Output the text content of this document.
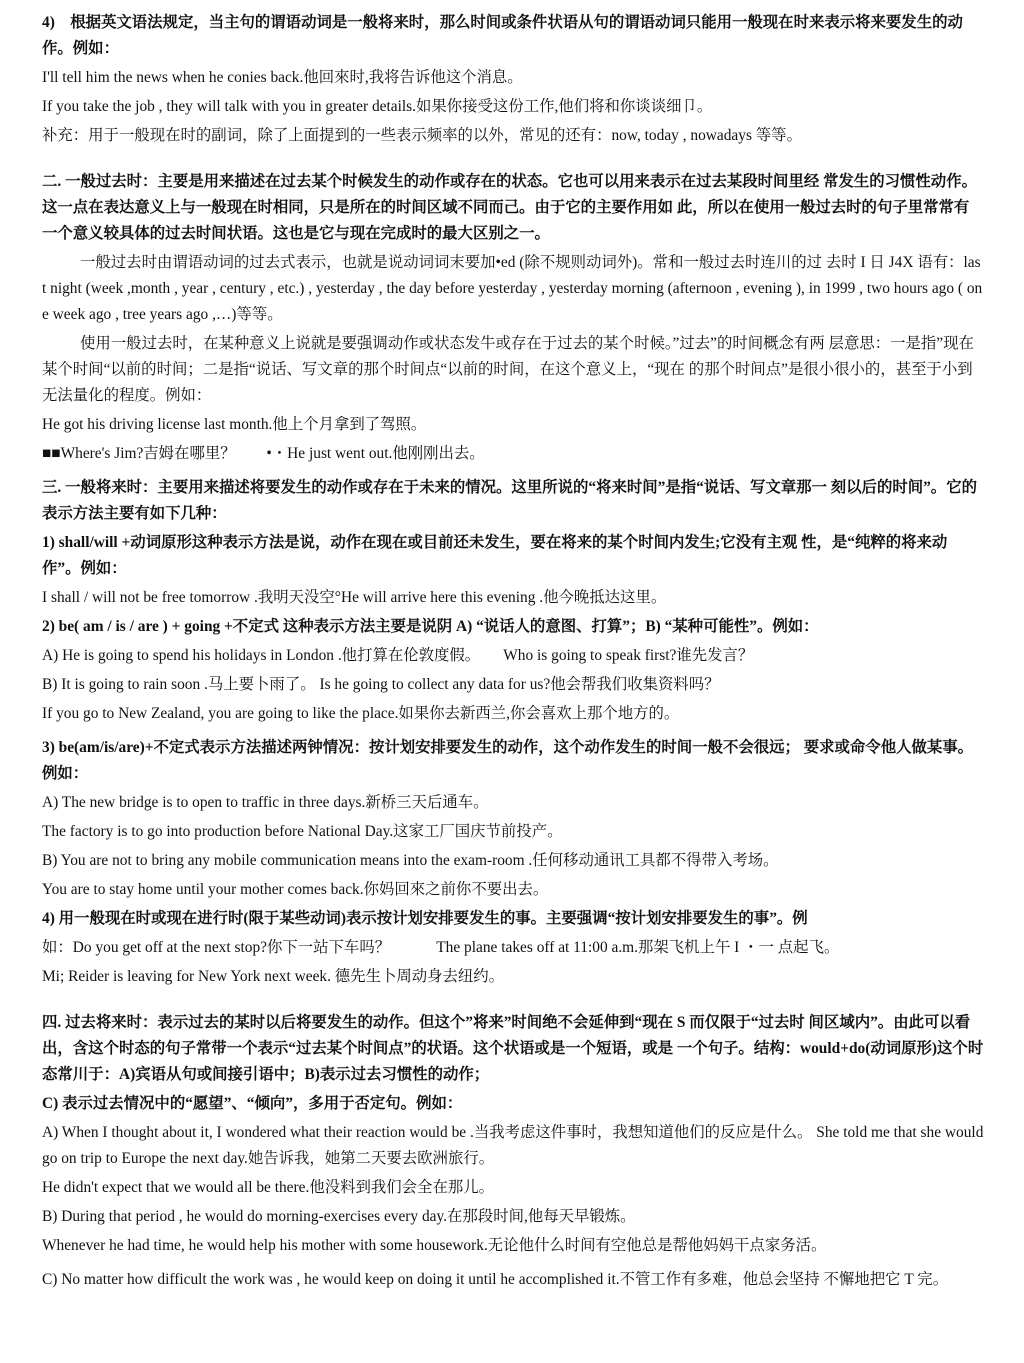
4)　根据英文语法规定，当主句的谓语动词是一般将来时，那么时间或条件状语从句的谓语动词只能用一般现在时来表示将来要发生的动作。例如：

I'll tell him the news when he conies back.他回來时,我将告诉他这个消息。

If you take the job , they will talk with you in greater details.如果你接受这份工作,他们将和你谈谈细卩。

补充：用于一般现在时的副词，除了上面提到的一些表示频率的以外，常见的还有：now, today , nowadays 等等。

二. 一般过去时：主要是用来描述在过去某个时候发生的动作或存在的状态。它也可以用来表示在过去某段时间里经 常发生的习惯性动作。这一点在表达意义上与一般现在时相同，只是所在的时间区域不同而己。由于它的主要作用如 此，所以在使用一般过去时的句子里常常有一个意义较具体的过去时间状语。这也是它与现在完成时的最大区别之一。

一般过去时由谓语动词的过去式表示，也就是说动词词末要加•ed (除不规则动词外)。常和一般过去时连川的过 去时 I 日 J4X 语有：last night (week ,month , year , century , etc.) , yesterday , the day before yesterday , yesterday morning (afternoon , evening ), in 1999 , two hours ago ( one week ago , tree years ago ,…)等等。

使用一般过去时，在某种意义上说就是要强调动作或状态发牛或存在于过去的某个时候。”过去”的时间概念有两 层意思：一是指”现在某个时间“以前的时间；二是指“说话、写文章的那个时间点“以前的时间，在这个意义上，“现在 的那个时间点”是很小很小的，甚至于小到无法量化的程度。例如：

He got his driving license last month.他上个月拿到了驾照。

■■Where's Jim?吉姆在哪里？　　•・He just went out.他刚刚出去。

三. 一般将来时：主要用来描述将要发生的动作或存在于未来的情况。这里所说的“将来时间”是指“说话、写文章那一 刻以后的时间”。它的表示方法主要有如下几种：

1) shall/will +动词原形这种表示方法是说，动作在现在或目前还未发生，要在将来的某个时间内发生;它没有主观 性，是“纯粹的将来动作”。例如：

I shall / will not be free tomorrow .我明天没空°He will arrive here this evening .他今晚抵达这里。

2) be( am / is / are ) + going +不定式 这种表示方法主要是说阴 A) “说话人的意图、打算”；B) “某种可能性”。例如：

A) He is going to spend his holidays in London .他打算在伦敦度假。　　Who is going to speak first?谁先发言？

B) It is going to rain soon .马上要卜雨了。 Is he going to collect any data for us?他会帮我们收集资料吗？

If you go to New Zealand, you are going to like the place.如果你去新西兰,你会喜欢上那个地方的。

3) be(am/is/are)+不定式表示方法描述两钟情况：按计划安排要发生的动作，这个动作发生的时间一般不会很远； 要求或命令他人做某事。例如：

A) The new bridge is to open to traffic in three days.新桥三天后通车。

The factory is to go into production before National Day.这家工厂国庆节前投产。

B) You are not to bring any mobile communication means into the exam-room .任何移动通讯工具都不得带入考场。

You are to stay home until your mother comes back.你妈回來之前你不要出去。

4) 用一般现在时或现在进行时(限于某些动词)表示按计划安排要发生的事。主要强调“按计划安排要发生的事”。例

如：Do you get off at the next stop?你下一站下车吗？　　　The plane takes off at 11:00 a.m.那架飞机上午 I ・一 点起飞。

Mi; Reider is leaving for New York next week. 德先生卜周动身去纽约。

四. 过去将来时：表示过去的某时以后将要发生的动作。但这个”将来”时间绝不会延伸到“现在 S 而仅限于“过去时 间区域内”。由此可以看出，含这个时态的句子常带一个表示“过去某个时间点”的状语。这个状语或是一个短语，或是 一个句子。结构：would+do(动词原形)这个时态常川于：A)宾语从句或间接引语中；B)表示过去习惯性的动作；

C) 表示过去情况中的“愿望”、“倾向”，多用于否定句。例如：

A) When I thought about it, I wondered what their reaction would be .当我考虑这件事时，我想知道他们的反应是什么。 She told me that she would go on trip to Europe the next day.她告诉我，她第二天要去欧洲旅行。

He didn't expect that we would all be there.他没料到我们会全在那儿。

B) During that period , he would do morning-exercises every day.在那段时间,他每天早锻炼。

Whenever he had time, he would help his mother with some housework.无论他什么时间有空他总是帮他妈妈干点家务活。

C) No matter how difficult the work was , he would keep on doing it until he accomplished it.不管工作有多难，他总会坚持 不懈地把它 T 完。
